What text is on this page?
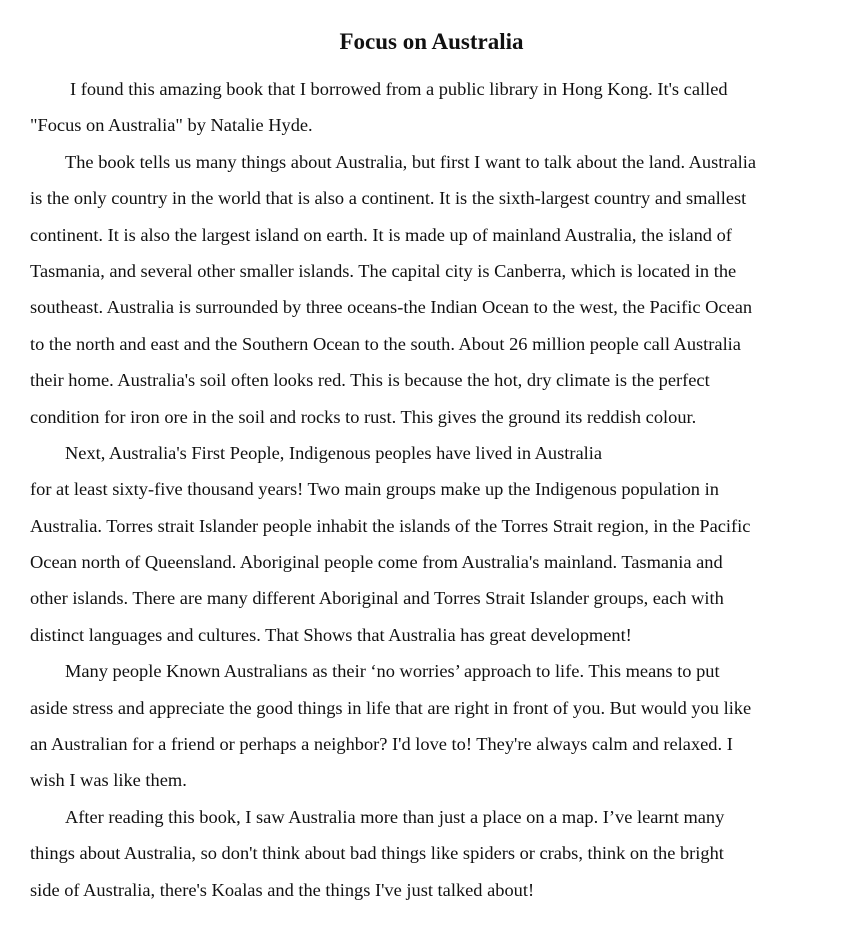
Focus on Australia
I found this amazing book that I borrowed from a public library in Hong Kong. It's called
"Focus on Australia" by Natalie Hyde.
The book tells us many things about Australia, but first I want to talk about the land. Australia
is the only country in the world that is also a continent. It is the sixth-largest country and smallest
continent. It is also the largest island on earth. It is made up of mainland Australia, the island of
Tasmania, and several other smaller islands. The capital city is Canberra, which is located in the
southeast. Australia is surrounded by three oceans-the Indian Ocean to the west, the Pacific Ocean
to the north and east and the Southern Ocean to the south. About 26 million people call Australia
their home. Australia's soil often looks red. This is because the hot, dry climate is the perfect
condition for iron ore in the soil and rocks to rust. This gives the ground its reddish colour.
Next, Australia's First People, Indigenous peoples have lived in Australia
for at least sixty-five thousand years! Two main groups make up the Indigenous population in
Australia. Torres strait Islander people inhabit the islands of the Torres Strait region, in the Pacific
Ocean north of Queensland. Aboriginal people come from Australia's mainland. Tasmania and
other islands. There are many different Aboriginal and Torres Strait Islander groups, each with
distinct languages and cultures. That Shows that Australia has great development!
Many people Known Australians as their ‘no worries’ approach to life. This means to put
aside stress and appreciate the good things in life that are right in front of you. But would you like
an Australian for a friend or perhaps a neighbor? I'd love to! They're always calm and relaxed. I
wish I was like them.
After reading this book, I saw Australia more than just a place on a map. I’ve learnt many
things about Australia, so don't think about bad things like spiders or crabs, think on the bright
side of Australia, there's Koalas and the things I've just talked about!
